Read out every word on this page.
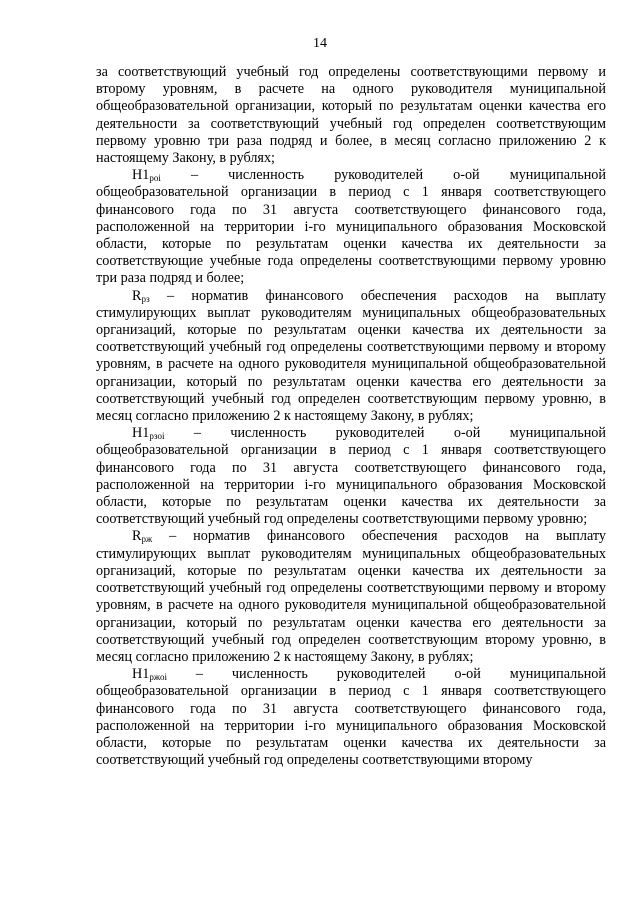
14

за соответствующий учебный год определены соответствующими первому и второму уровням, в расчете на одного руководителя муниципальной общеобразовательной организации, который по результатам оценки качества его деятельности за соответствующий учебный год определен соответствующим первому уровню три раза подряд и более, в месяц согласно приложению 2 к настоящему Закону, в рублях;

$Н1_{рoi}$ – численность руководителей о-ой муниципальной общеобразовательной организации в период с 1 января соответствующего финансового года по 31 августа соответствующего финансового года, расположенной на территории i-го муниципального образования Московской области, которые по результатам оценки качества их деятельности за соответствующие учебные года определены соответствующими первому уровню три раза подряд и более;

$R_{рз}$ – норматив финансового обеспечения расходов на выплату стимулирующих выплат руководителям муниципальных общеобразовательных организаций, которые по результатам оценки качества их деятельности за соответствующий учебный год определены соответствующими первому и второму уровням, в расчете на одного руководителя муниципальной общеобразовательной организации, который по результатам оценки качества его деятельности за соответствующий учебный год определен соответствующим первому уровню, в месяц согласно приложению 2 к настоящему Закону, в рублях;

$Н1_{рзoi}$ – численность руководителей о-ой муниципальной общеобразовательной организации в период с 1 января соответствующего финансового года по 31 августа соответствующего финансового года, расположенной на территории i-го муниципального образования Московской области, которые по результатам оценки качества их деятельности за соответствующий учебный год определены соответствующими первому уровню;

$R_{рж}$ – норматив финансового обеспечения расходов на выплату стимулирующих выплат руководителям муниципальных общеобразовательных организаций, которые по результатам оценки качества их деятельности за соответствующий учебный год определены соответствующими первому и второму уровням, в расчете на одного руководителя муниципальной общеобразовательной организации, который по результатам оценки качества его деятельности за соответствующий учебный год определен соответствующим второму уровню, в месяц согласно приложению 2 к настоящему Закону, в рублях;

$Н1_{ржoi}$ – численность руководителей о-ой муниципальной общеобразовательной организации в период с 1 января соответствующего финансового года по 31 августа соответствующего финансового года, расположенной на территории i-го муниципального образования Московской области, которые по результатам оценки качества их деятельности за соответствующий учебный год определены соответствующими второму
